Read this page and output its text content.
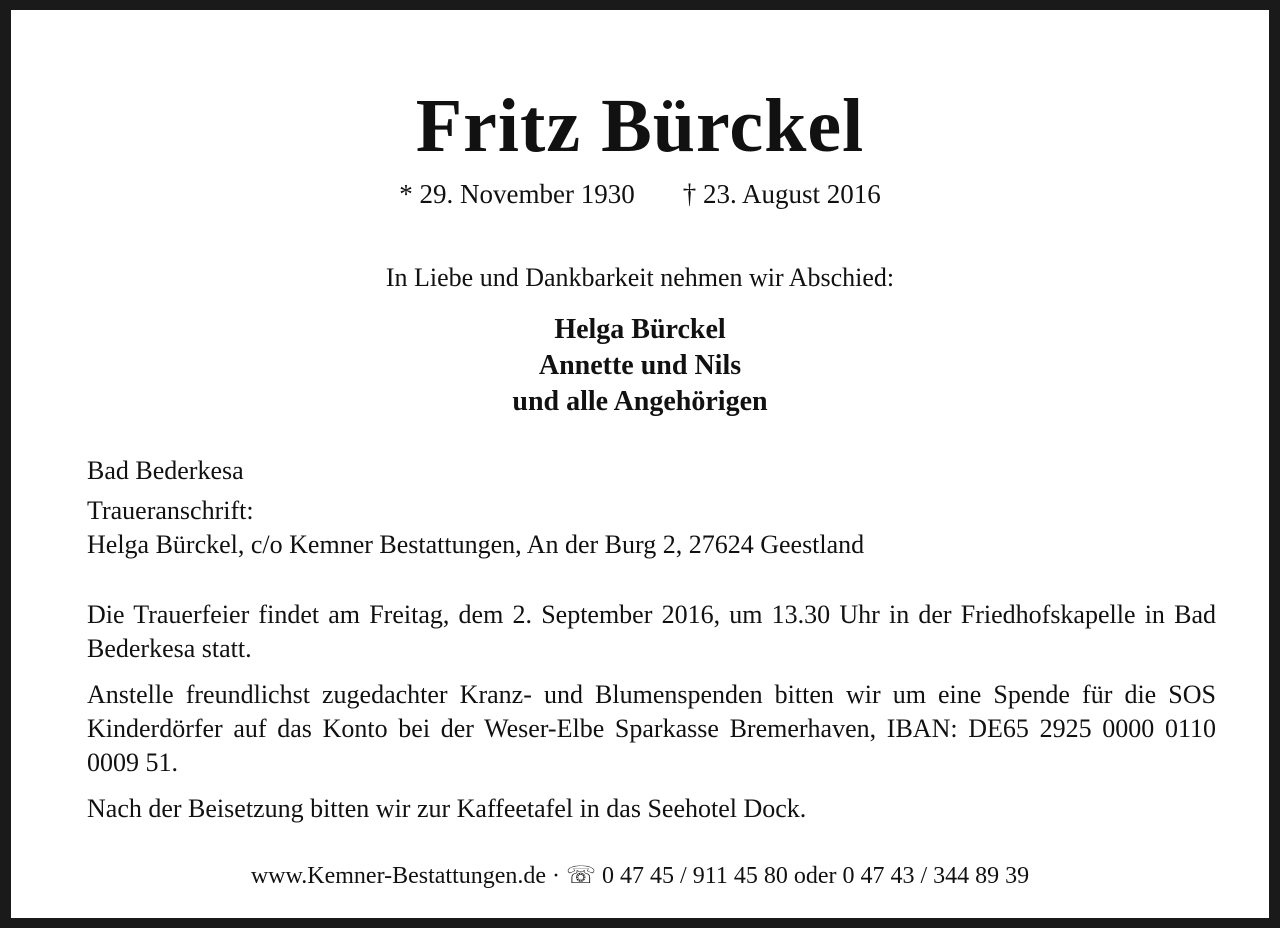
Fritz Bürckel
* 29. November 1930 † 23. August 2016
In Liebe und Dankbarkeit nehmen wir Abschied:
Helga Bürckel
Annette und Nils
und alle Angehörigen
Bad Bederkesa
Traueranschrift:
Helga Bürckel, c/o Kemner Bestattungen, An der Burg 2, 27624 Geestland
Die Trauerfeier findet am Freitag, dem 2. September 2016, um 13.30 Uhr in der Friedhofskapelle in Bad Bederkesa statt.
Anstelle freundlichst zugedachter Kranz- und Blumenspenden bitten wir um eine Spende für die SOS Kinderdörfer auf das Konto bei der Weser-Elbe Sparkasse Bremerhaven, IBAN: DE65 2925 0000 0110 0009 51.
Nach der Beisetzung bitten wir zur Kaffeetafel in das Seehotel Dock.
www.Kemner-Bestattungen.de · ☏ 0 47 45 / 911 45 80 oder 0 47 43 / 344 89 39
